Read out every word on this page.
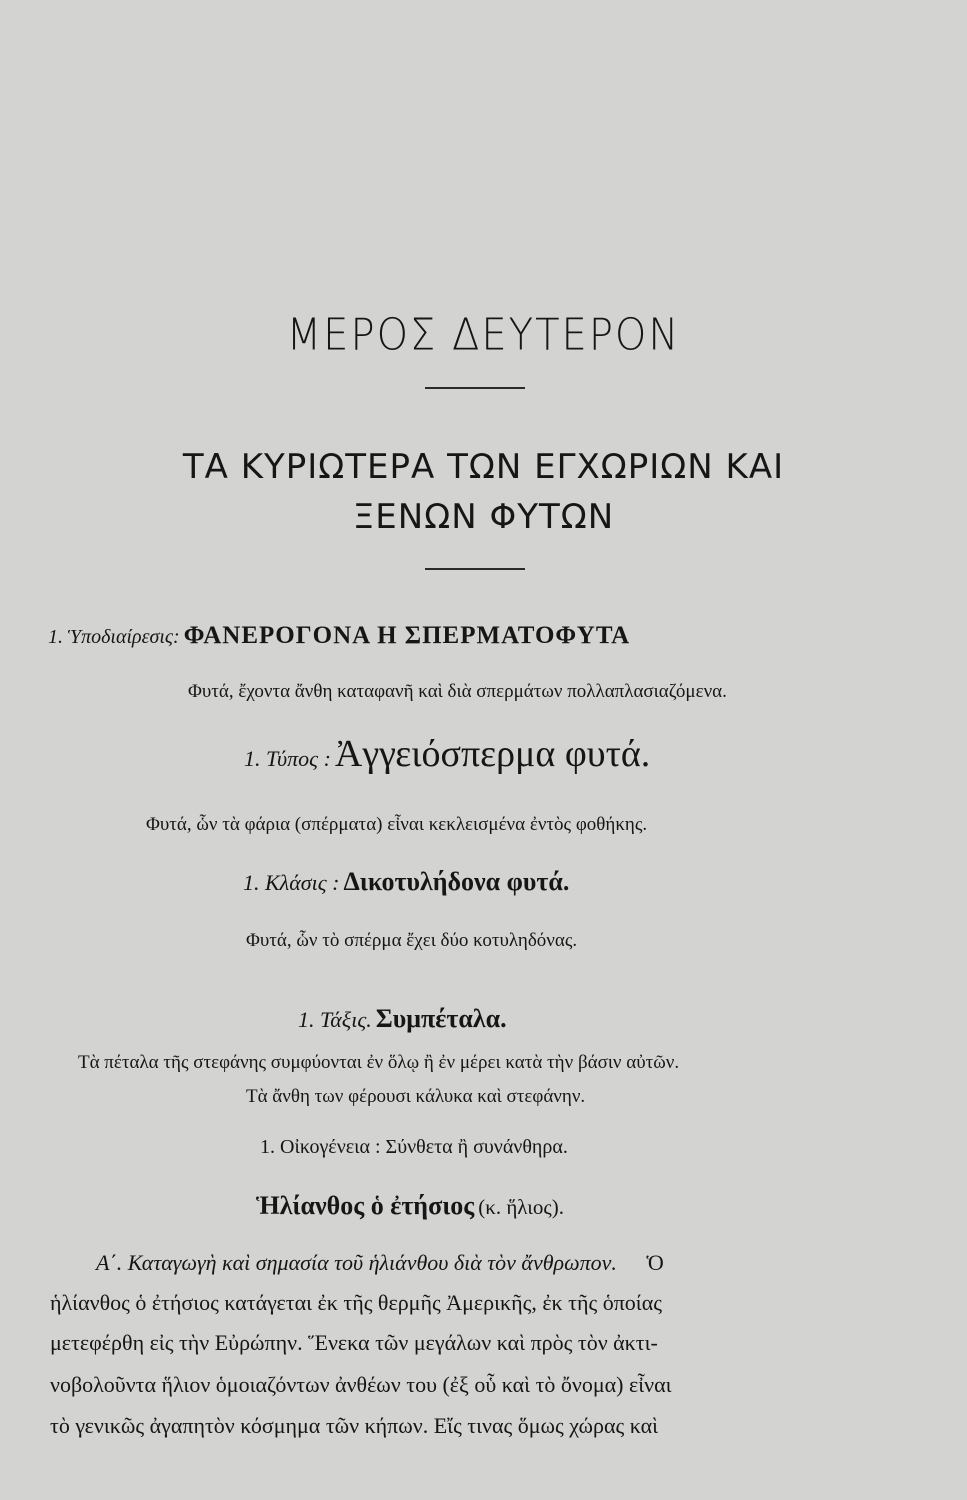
ΜΕΡΟΣ ΔΕΥΤΕΡΟΝ
ΤΑ ΚΥΡΙΩΤΕΡΑ ΤΩΝ ΕΓΧΩΡΙΩΝ ΚΑΙ
ΞΕΝΩΝ ΦΥΤΩΝ
1. Ὑποδιαίρεσις: ΦΑΝΕΡΟΓΟΝΑ Η ΣΠΕΡΜΑΤΟΦΥΤΑ
Φυτά, ἔχοντα ἄνθη καταφανῆ καὶ διὰ σπερμάτων πολλαπλασιαζόμενα.
1. Τύπος : Ἀγγειόσπερμα φυτά.
Φυτά, ὧν τὰ φάρια (σπέρματα) εἶναι κεκλεισμένα ἐντὸς φοθήκης.
1. Κλάσις : Δικοτυλήδονα φυτά.
Φυτά, ὧν τὸ σπέρμα ἔχει δύο κοτυληδόνας.
1. Τάξις. Συμπέταλα.
Τὰ πέταλα τῆς στεφάνης συμφύονται ἐν ὅλῳ ἢ ἐν μέρει κατὰ τὴν βάσιν αὐτῶν.
Τὰ ἄνθη των φέρουσι κάλυκα καὶ στεφάνην.
1. Οἰκογένεια : Σύνθετα ἢ συνάνθηρα.
Ἡλίανθος ὁ ἐτήσιος (κ. ἥλιος).
Α΄. Καταγωγὴ καὶ σημασία τοῦ ἡλιάνθου διὰ τὸν ἄνθρωπον. Ὁ
ἡλίανθος ὁ ἐτήσιος κατάγεται ἐκ τῆς θερμῆς Ἀμερικῆς, ἐκ τῆς ὁποίας
μετεφέρθη εἰς τὴν Εὐρώπην. Ἕνεκα τῶν μεγάλων καὶ πρὸς τὸν ἀκτι-
νοβολοῦντα ἥλιον ὁμοιαζόντων ἀνθέων του (ἐξ οὗ καὶ τὸ ὄνομα) εἶναι
τὸ γενικῶς ἀγαπητὸν κόσμημα τῶν κήπων. Εἴς τινας ὅμως χώρας καὶ
